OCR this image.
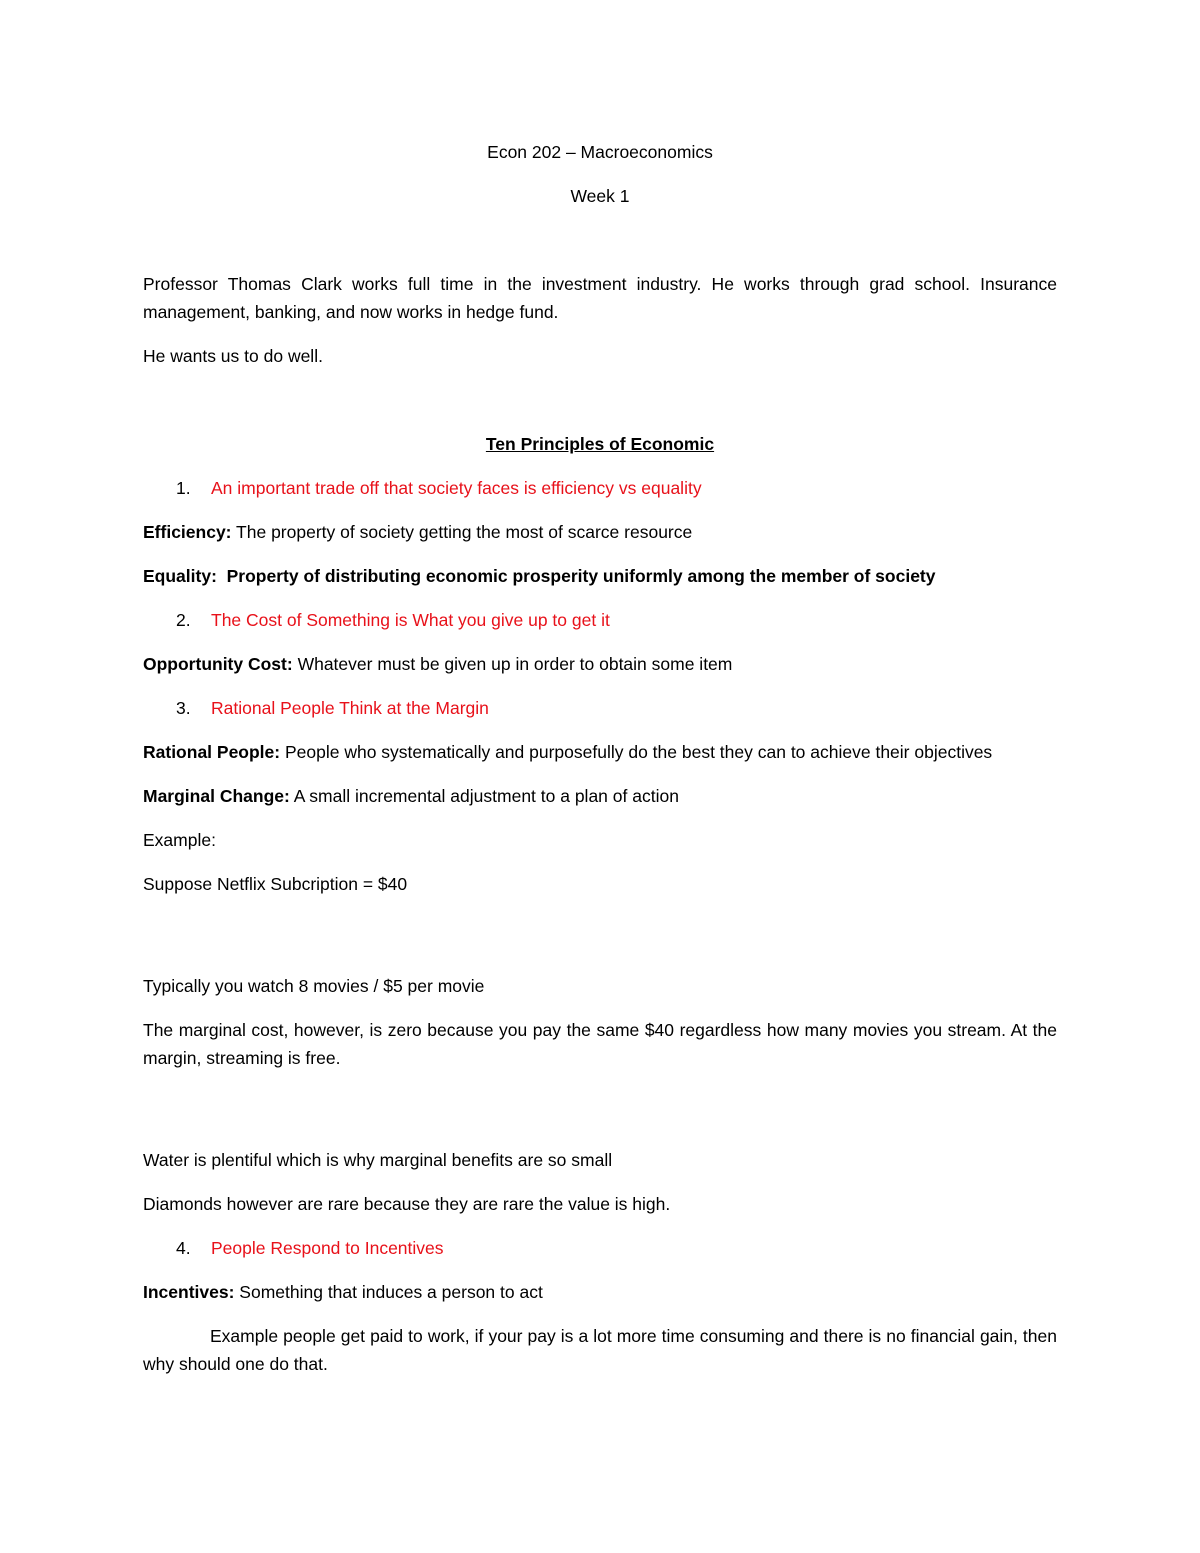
Econ 202 – Macroeconomics
Week 1
Professor Thomas Clark works full time in the investment industry. He works through grad school. Insurance management, banking, and now works in hedge fund.
He wants us to do well.
Ten Principles of Economic
1.	An important trade off that society faces is efficiency vs equality
Efficiency: The property of society getting the most of scarce resource
Equality:  Property of distributing economic prosperity uniformly among the member of society
2.	The Cost of Something is What you give up to get it
Opportunity Cost: Whatever must be given up in order to obtain some item
3.	Rational People Think at the Margin
Rational People: People who systematically and purposefully do the best they can to achieve their objectives
Marginal Change: A small incremental adjustment to a plan of action
Example:
Suppose Netflix Subcription = $40
Typically you watch 8 movies / $5 per movie
The marginal cost, however, is zero because you pay the same $40 regardless how many movies you stream. At the margin, streaming is free.
Water is plentiful which is why marginal benefits are so small
Diamonds however are rare because they are rare the value is high.
4.	People Respond to Incentives
Incentives: Something that induces a person to act
Example people get paid to work, if your pay is a lot more time consuming and there is no financial gain, then why should one do that.
